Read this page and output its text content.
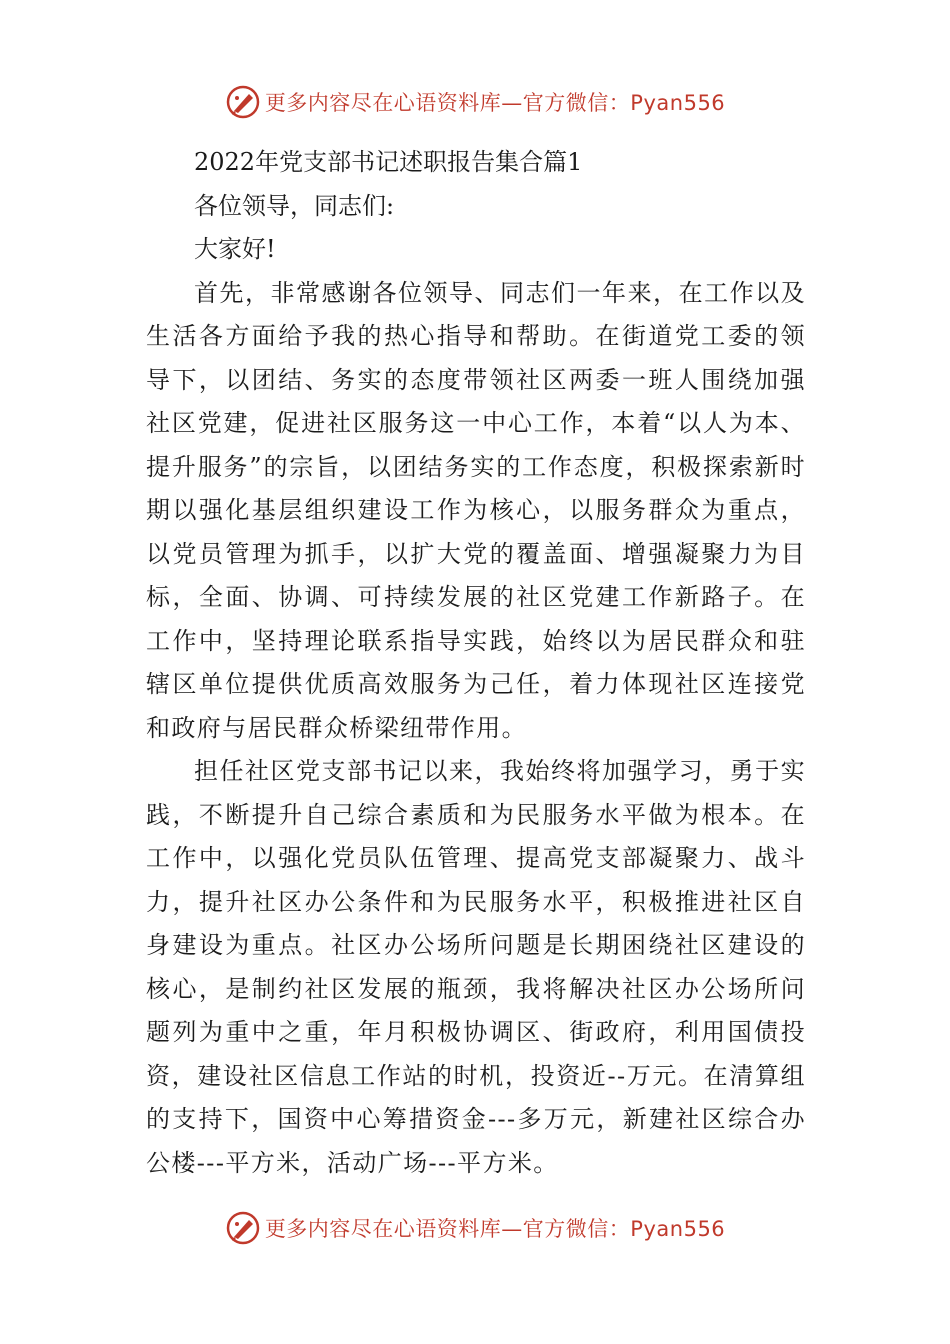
更多内容尽在心语资料库—官方微信：Pyan556
2022年党支部书记述职报告集合篇1
各位领导，同志们:
大家好!

首先，非常感谢各位领导、同志们一年来，在工作以及生活各方面给予我的热心指导和帮助。在街道党工委的领导下，以团结、务实的态度带领社区两委一班人围绕加强社区党建，促进社区服务这一中心工作，本着“以人为本、提升服务”的宗旨，以团结务实的工作态度，积极探索新时期以强化基层组织建设工作为核心，以服务群众为重点，以党员管理为抓手，以扩大党的覆盖面、增强凝聚力为目标，全面、协调、可持续发展的社区党建工作新路子。在工作中，坚持理论联系指导实践，始终以为居民群众和驻辖区单位提供优质高效服务为己任，着力体现社区连接党和政府与居民群众桥梁纽带作用。

担任社区党支部书记以来，我始终将加强学习，勇于实践，不断提升自己综合素质和为民服务水平做为根本。在工作中，以强化党员队伍管理、提高党支部凝聚力、战斗力，提升社区办公条件和为民服务水平，积极推进社区自身建设为重点。社区办公场所问题是长期困绕社区建设的核心，是制约社区发展的瓶颈，我将解决社区办公场所问题列为重中之重，年月积极协调区、街政府，利用国债投资，建设社区信息工作站的时机，投资近--万元。在清算组的支持下，国资中心筹措资金---多万元，新建社区综合办公楼---平方米，活动广场---平方米。

更多内容尽在心语资料库—官方微信：Pyan556
